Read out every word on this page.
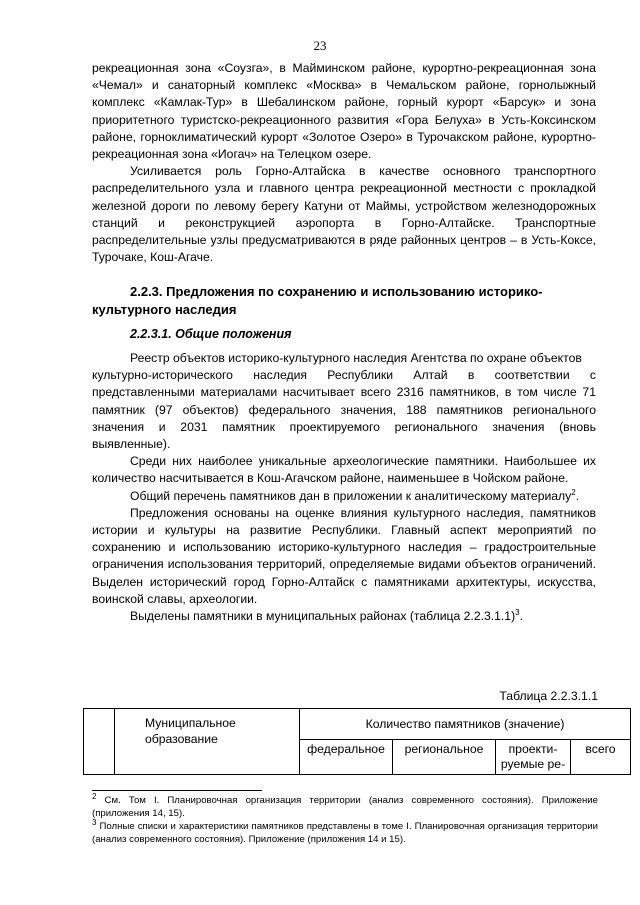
23

рекреационная зона «Соузга», в Майминском районе, курортно-рекреационная зона «Чемал» и санаторный комплекс «Москва» в Чемальском районе, горнолыжный комплекс «Камлак-Тур» в Шебалинском районе, горный курорт «Барсук» и зона приоритетного туристско-рекреационного развития «Гора Белуха» в Усть-Коксинском районе, горноклиматический курорт «Золотое Озеро» в Турочакском районе, курортно-рекреационная зона «Иогач» на Телецком озере.

Усиливается роль Горно-Алтайска в качестве основного транспортного распределительного узла и главного центра рекреационной местности с прокладкой железной дороги по левому берегу Катуни от Маймы, устройством железнодорожных станций и реконструкцией аэропорта в Горно-Алтайске. Транспортные распределительные узлы предусматриваются в ряде районных центров – в Усть-Коксе, Турочаке, Кош-Агаче.

2.2.3. Предложения по сохранению и использованию историко-
культурного наследия
2.2.3.1. Общие положения

Реестр объектов историко-культурного наследия Агентства по охране объектов

культурно-исторического наследия Республики Алтай в соответствии с представленными материалами насчитывает всего 2316 памятников, в том числе 71 памятник (97 объектов) федерального значения, 188 памятников регионального значения и 2031 памятник проектируемого регионального значения (вновь выявленные).

Среди них наиболее уникальные археологические памятники. Наибольшее их количество насчитывается в Кош-Агачском районе, наименьшее в Чойском районе.

Общий перечень памятников дан в приложении к аналитическому материалу$^2$.

Предложения основаны на оценке влияния культурного наследия, памятников истории и культуры на развитие Республики. Главный аспект мероприятий по сохранению и использованию историко-культурного наследия – градостроительные ограничения использования территорий, определяемые видами объектов ограничений. Выделен исторический город Горно-Алтайск с памятниками архитектуры, искусства, воинской славы, археологии.

Выделены памятники в муниципальных районах (таблица 2.2.3.1.1)$^3$.

Таблица 2.2.3.1.1

	Муниципальное образование	Количество памятников (значение)			
		федеральное	региональное	проекти-руемые ре-	всего

$^2$ См. Том I. Планировочная организация территории (анализ современного состояния). Приложение (приложения 14, 15).

$^3$ Полные списки и характеристики памятников представлены в томе I. Планировочная организация территории (анализ современного состояния). Приложение (приложения 14 и 15).
